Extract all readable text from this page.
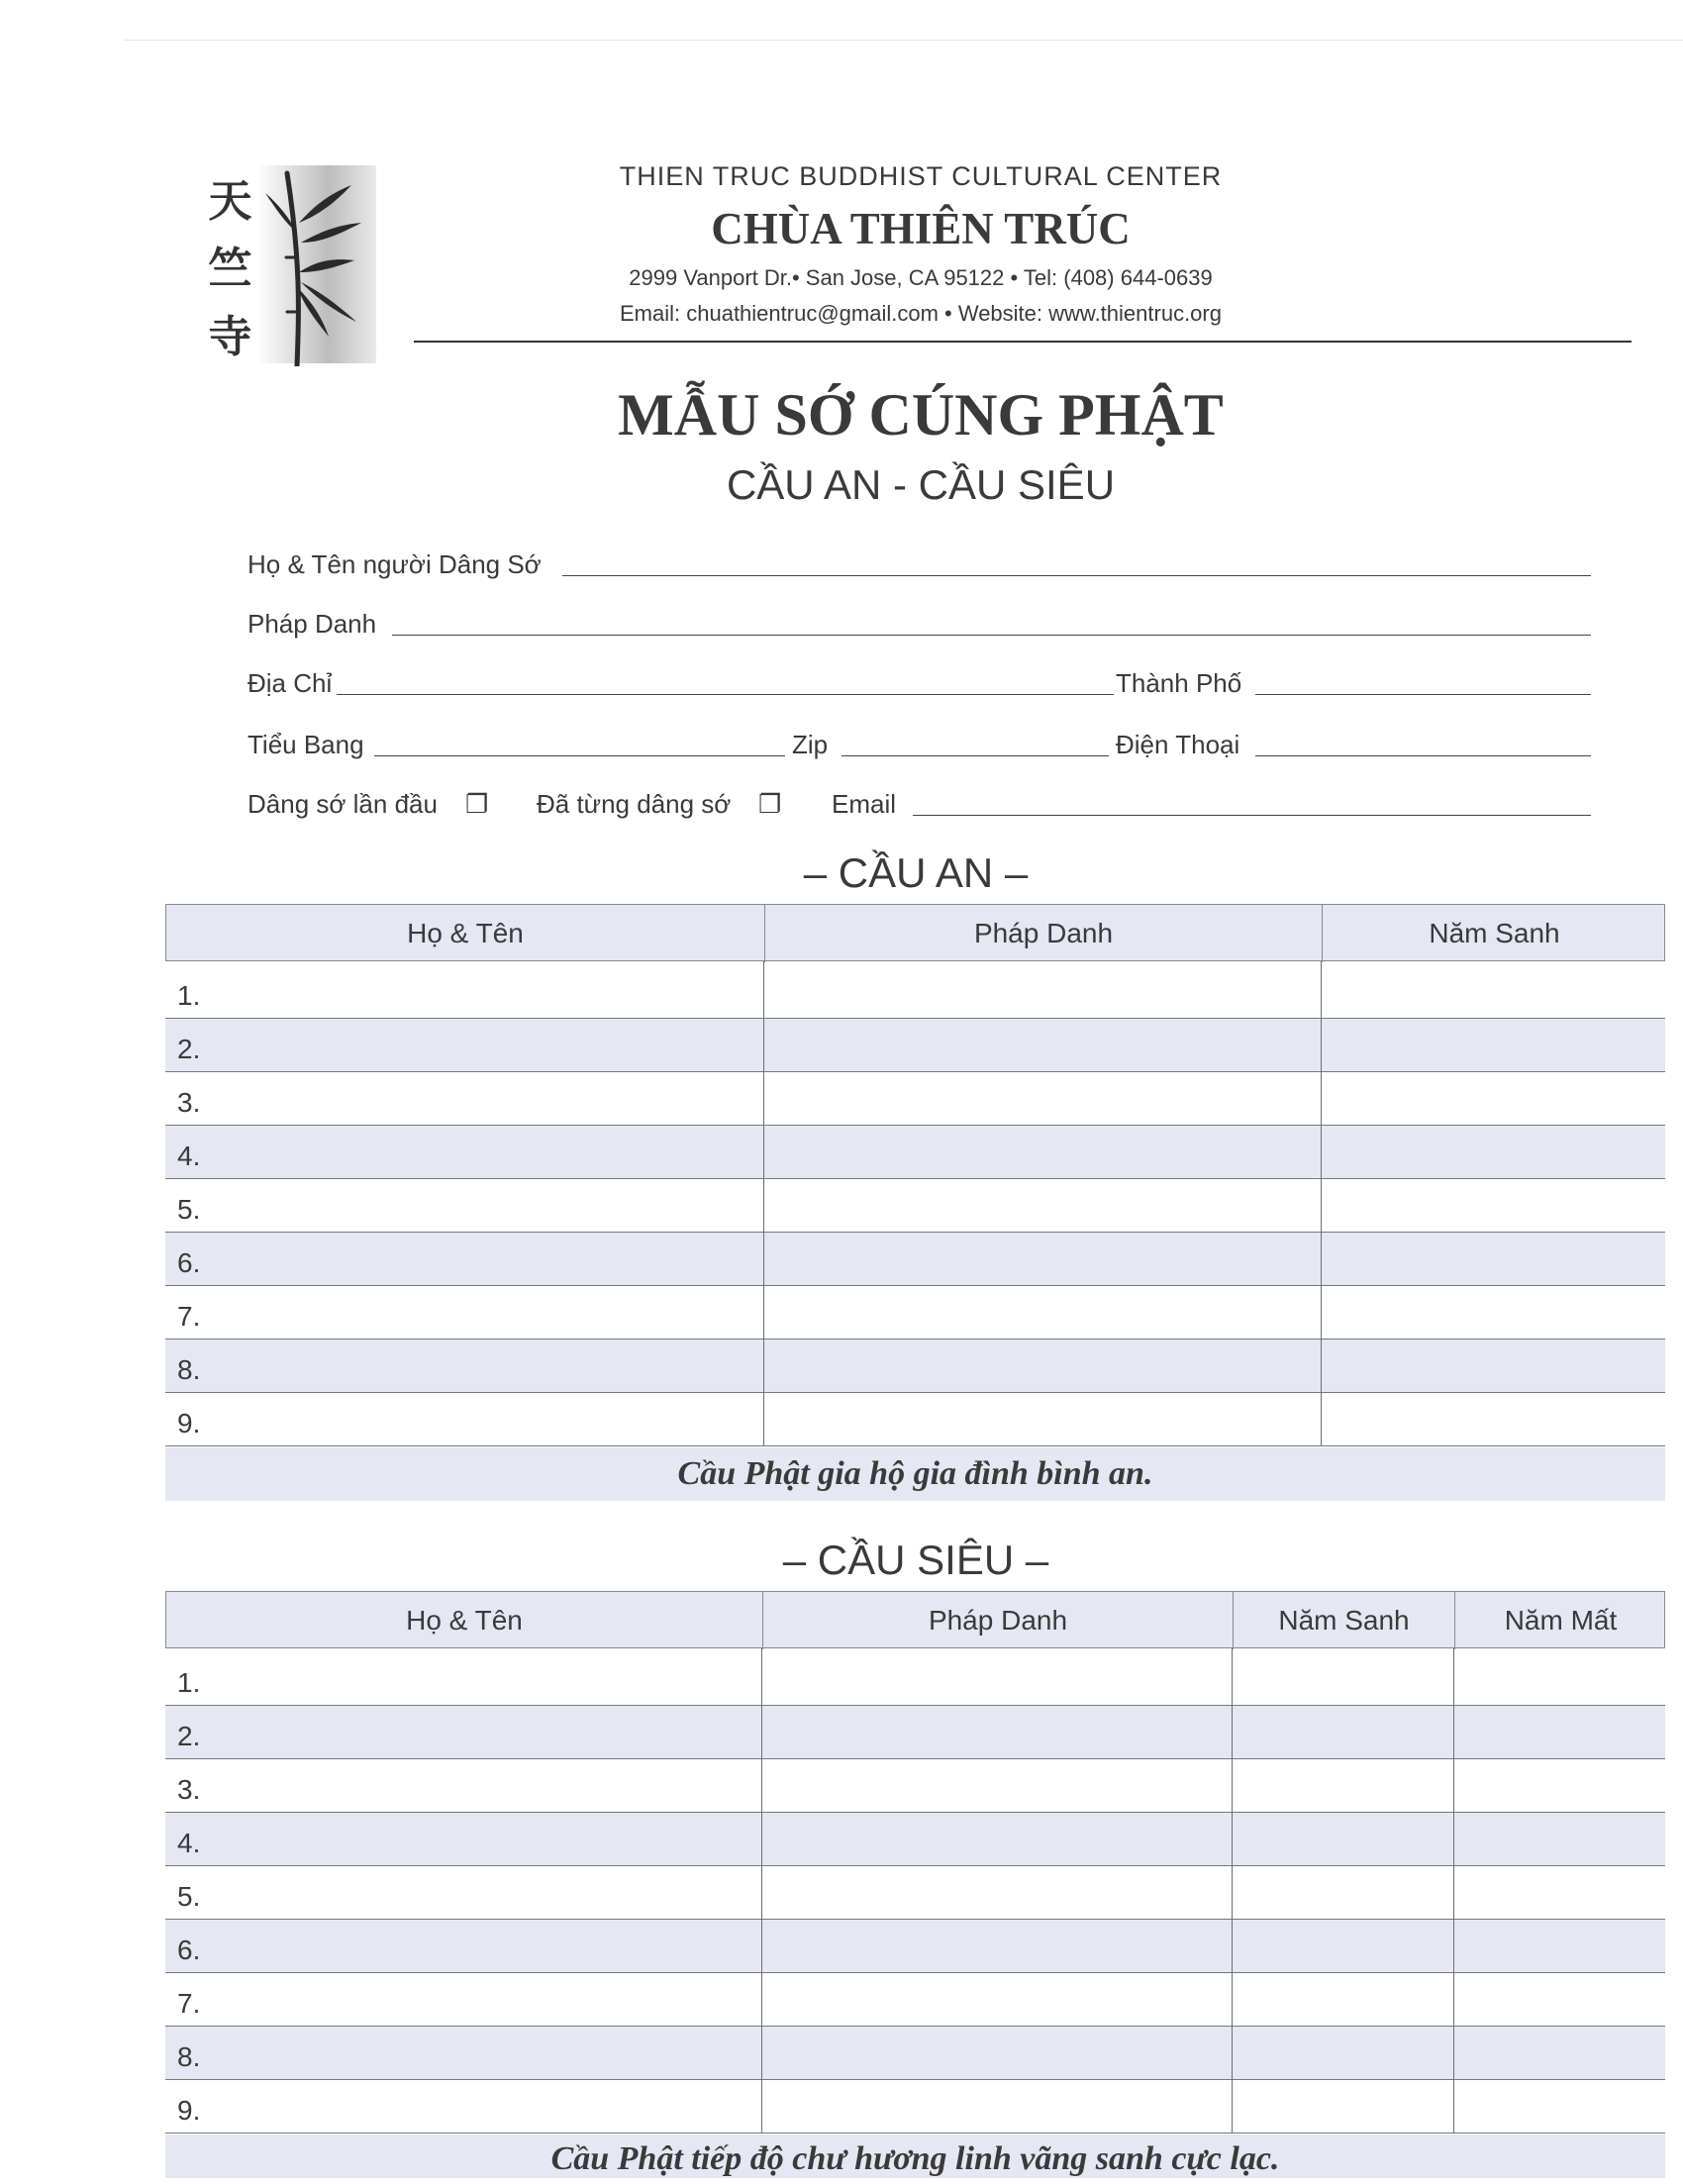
天
竺
寺
THIEN TRUC BUDDHIST CULTURAL CENTER
CHÙA THIÊN TRÚC
2999 Vanport Dr.• San Jose, CA 95122 • Tel: (408) 644-0639
Email: chuathientruc@gmail.com • Website: www.thientruc.org
MẪU SỚ CÚNG PHẬT
CẦU AN - CẦU SIÊU
Họ & Tên người Dâng Sớ
Pháp Danh
Địa Chỉ	Thành Phố
Tiểu Bang	Zip	Điện Thoại
Dâng sớ lần đầu ❐ Đã từng dâng sớ ❐ Email
– CẦU AN –
Họ & Tên	Pháp Danh	Năm Sanh
1.
2.
3.
4.
5.
6.
7.
8.
9.
Cầu Phật gia hộ gia đình bình an.
– CẦU SIÊU –
Họ & Tên	Pháp Danh	Năm Sanh	Năm Mất
1.
2.
3.
4.
5.
6.
7.
8.
9.
Cầu Phật tiếp độ chư hương linh vãng sanh cực lạc.
